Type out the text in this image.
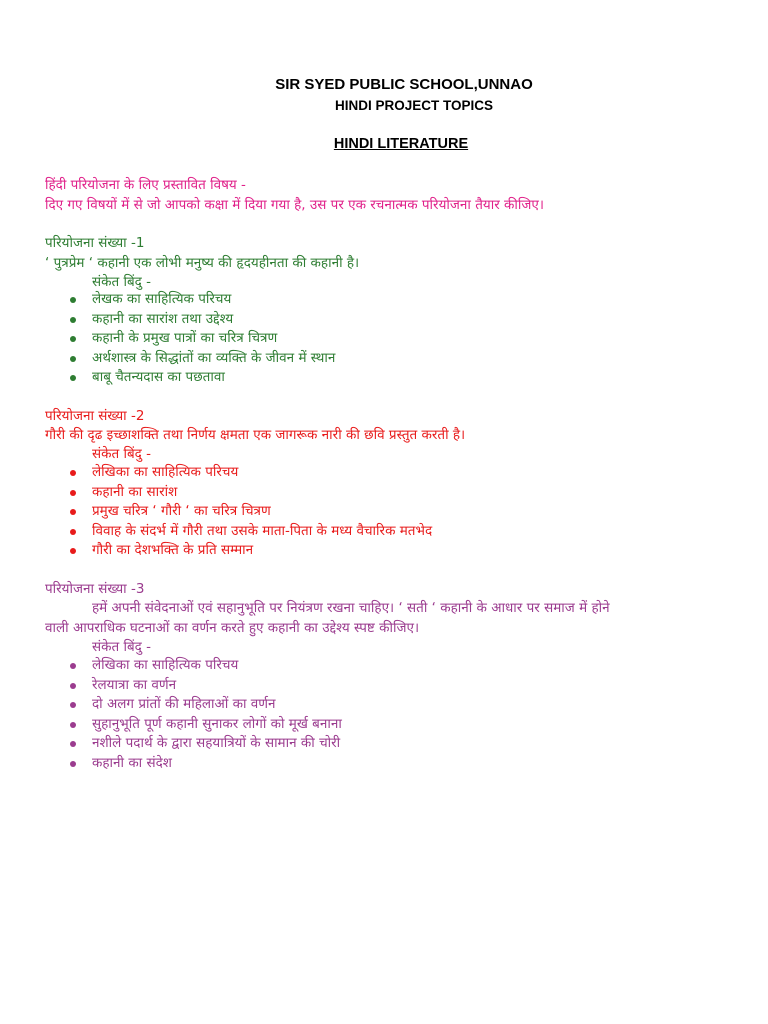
SIR SYED PUBLIC SCHOOL,UNNAO
HINDI PROJECT TOPICS
HINDI LITERATURE
हिंदी परियोजना के लिए प्रस्तावित विषय -
दिए गए विषयों में से जो आपको कक्षा में दिया गया है, उस पर एक रचनात्मक परियोजना तैयार कीजिए।
परियोजना संख्या -1
‘ पुत्रप्रेम ‘ कहानी एक लोभी मनुष्य की हृदयहीनता की कहानी है।
संकेत बिंदु -
लेखक का साहित्यिक परिचय
कहानी का सारांश तथा उद्देश्य
कहानी के प्रमुख पात्रों का चरित्र चित्रण
अर्थशास्त्र के सिद्धांतों का व्यक्ति के जीवन में स्थान
बाबू चैतन्यदास का पछतावा
परियोजना संख्या -2
गौरी की दृढ इच्छाशक्ति तथा निर्णय क्षमता एक जागरूक नारी की छवि प्रस्तुत करती है।
संकेत बिंदु -
लेखिका का साहित्यिक परिचय
कहानी का सारांश
प्रमुख चरित्र ‘ गौरी ‘ का चरित्र चित्रण
विवाह के संदर्भ में गौरी तथा उसके माता-पिता के मध्य वैचारिक मतभेद
गौरी का देशभक्ति के प्रति सम्मान
परियोजना संख्या -3
हमें अपनी संवेदनाओं एवं सहानुभूति पर नियंत्रण रखना चाहिए। ‘ सती ‘ कहानी के आधार पर समाज में होने
वाली आपराधिक घटनाओं का वर्णन करते हुए कहानी का उद्देश्य स्पष्ट कीजिए।
संकेत बिंदु -
लेखिका का साहित्यिक परिचय
रेलयात्रा का वर्णन
दो अलग प्रांतों की महिलाओं का वर्णन
सुहानुभूति पूर्ण कहानी सुनाकर लोगों को मूर्ख बनाना
नशीले पदार्थ के द्वारा सहयात्रियों के सामान की चोरी
कहानी का संदेश
